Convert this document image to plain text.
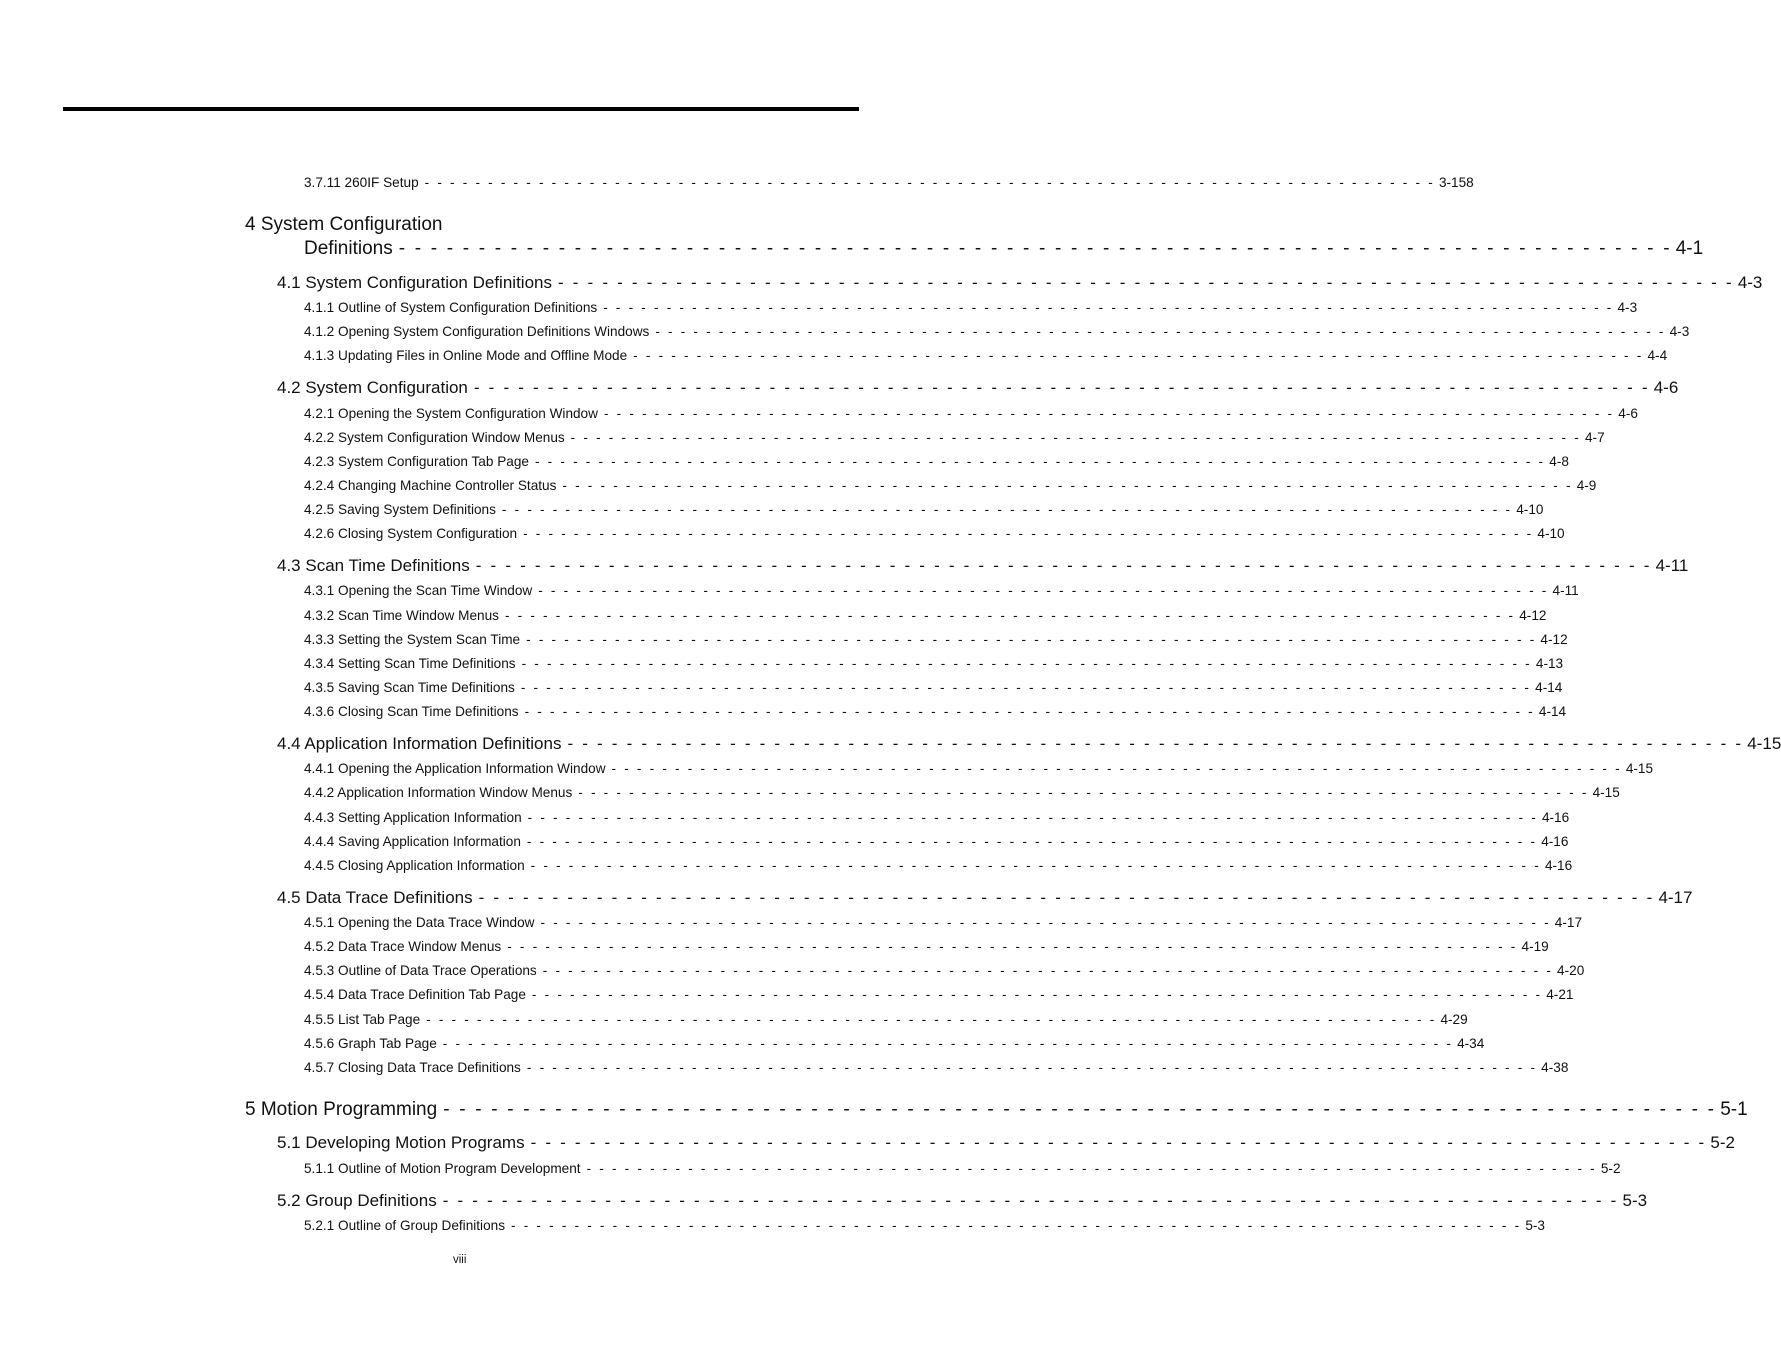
3.7.11 260IF Setup - - - - - - - - - - - - - - - - - - - - - - - - - - - - - - - - - - - - - - - - - - - - - - - - - - - - - - - - - - - - - - - - - - - - - - - - - - - - - - - - 3-158
4 System Configuration
Definitions - - - - - - - - - - - - - - - - - - - - - - - - - - - - - - - - - - - - - - - - - - - - - - - - - - - - - - - - - - - - - - - - - - - - - - - - - - - - - - - - 4-1
4.1 System Configuration Definitions - - - - - - - - - - - - - - - - - - - - - - - - - - - - - - - - - - - - - - - - - - - - - - - - - - - - - - - - - - - - - - - - - - - - - - - - - - - - - - - - 4-3
4.1.1 Outline of System Configuration Definitions - - - - - - - - - - - - - - - - - - - - - - - - - - - - - - - - - - - - - - - - - - - - - - - - - - - - - - - - - - - - - - - - - - - - - - - - - - - - - - - - 4-3
4.1.2 Opening System Configuration Definitions Windows - - - - - - - - - - - - - - - - - - - - - - - - - - - - - - - - - - - - - - - - - - - - - - - - - - - - - - - - - - - - - - - - - - - - - - - - - - - - - - - - 4-3
4.1.3 Updating Files in Online Mode and Offline Mode - - - - - - - - - - - - - - - - - - - - - - - - - - - - - - - - - - - - - - - - - - - - - - - - - - - - - - - - - - - - - - - - - - - - - - - - - - - - - - - - 4-4
4.2 System Configuration - - - - - - - - - - - - - - - - - - - - - - - - - - - - - - - - - - - - - - - - - - - - - - - - - - - - - - - - - - - - - - - - - - - - - - - - - - - - - - - - 4-6
4.2.1 Opening the System Configuration Window - - - - - - - - - - - - - - - - - - - - - - - - - - - - - - - - - - - - - - - - - - - - - - - - - - - - - - - - - - - - - - - - - - - - - - - - - - - - - - - - 4-6
4.2.2 System Configuration Window Menus - - - - - - - - - - - - - - - - - - - - - - - - - - - - - - - - - - - - - - - - - - - - - - - - - - - - - - - - - - - - - - - - - - - - - - - - - - - - - - - - 4-7
4.2.3 System Configuration Tab Page - - - - - - - - - - - - - - - - - - - - - - - - - - - - - - - - - - - - - - - - - - - - - - - - - - - - - - - - - - - - - - - - - - - - - - - - - - - - - - - - 4-8
4.2.4 Changing Machine Controller Status - - - - - - - - - - - - - - - - - - - - - - - - - - - - - - - - - - - - - - - - - - - - - - - - - - - - - - - - - - - - - - - - - - - - - - - - - - - - - - - - 4-9
4.2.5 Saving System Definitions - - - - - - - - - - - - - - - - - - - - - - - - - - - - - - - - - - - - - - - - - - - - - - - - - - - - - - - - - - - - - - - - - - - - - - - - - - - - - - - - 4-10
4.2.6 Closing System Configuration - - - - - - - - - - - - - - - - - - - - - - - - - - - - - - - - - - - - - - - - - - - - - - - - - - - - - - - - - - - - - - - - - - - - - - - - - - - - - - - - 4-10
4.3 Scan Time Definitions - - - - - - - - - - - - - - - - - - - - - - - - - - - - - - - - - - - - - - - - - - - - - - - - - - - - - - - - - - - - - - - - - - - - - - - - - - - - - - - - 4-11
4.3.1 Opening the Scan Time Window - - - - - - - - - - - - - - - - - - - - - - - - - - - - - - - - - - - - - - - - - - - - - - - - - - - - - - - - - - - - - - - - - - - - - - - - - - - - - - - - 4-11
4.3.2 Scan Time Window Menus - - - - - - - - - - - - - - - - - - - - - - - - - - - - - - - - - - - - - - - - - - - - - - - - - - - - - - - - - - - - - - - - - - - - - - - - - - - - - - - - 4-12
4.3.3 Setting the System Scan Time - - - - - - - - - - - - - - - - - - - - - - - - - - - - - - - - - - - - - - - - - - - - - - - - - - - - - - - - - - - - - - - - - - - - - - - - - - - - - - - - 4-12
4.3.4 Setting Scan Time Definitions - - - - - - - - - - - - - - - - - - - - - - - - - - - - - - - - - - - - - - - - - - - - - - - - - - - - - - - - - - - - - - - - - - - - - - - - - - - - - - - - 4-13
4.3.5 Saving Scan Time Definitions - - - - - - - - - - - - - - - - - - - - - - - - - - - - - - - - - - - - - - - - - - - - - - - - - - - - - - - - - - - - - - - - - - - - - - - - - - - - - - - - 4-14
4.3.6 Closing Scan Time Definitions - - - - - - - - - - - - - - - - - - - - - - - - - - - - - - - - - - - - - - - - - - - - - - - - - - - - - - - - - - - - - - - - - - - - - - - - - - - - - - - - 4-14
4.4 Application Information Definitions - - - - - - - - - - - - - - - - - - - - - - - - - - - - - - - - - - - - - - - - - - - - - - - - - - - - - - - - - - - - - - - - - - - - - - - - - - - - - - - - 4-15
4.4.1 Opening the Application Information Window - - - - - - - - - - - - - - - - - - - - - - - - - - - - - - - - - - - - - - - - - - - - - - - - - - - - - - - - - - - - - - - - - - - - - - - - - - - - - - - - 4-15
4.4.2 Application Information Window Menus - - - - - - - - - - - - - - - - - - - - - - - - - - - - - - - - - - - - - - - - - - - - - - - - - - - - - - - - - - - - - - - - - - - - - - - - - - - - - - - - 4-15
4.4.3 Setting Application Information - - - - - - - - - - - - - - - - - - - - - - - - - - - - - - - - - - - - - - - - - - - - - - - - - - - - - - - - - - - - - - - - - - - - - - - - - - - - - - - - 4-16
4.4.4 Saving Application Information - - - - - - - - - - - - - - - - - - - - - - - - - - - - - - - - - - - - - - - - - - - - - - - - - - - - - - - - - - - - - - - - - - - - - - - - - - - - - - - - 4-16
4.4.5 Closing Application Information - - - - - - - - - - - - - - - - - - - - - - - - - - - - - - - - - - - - - - - - - - - - - - - - - - - - - - - - - - - - - - - - - - - - - - - - - - - - - - - - 4-16
4.5 Data Trace Definitions - - - - - - - - - - - - - - - - - - - - - - - - - - - - - - - - - - - - - - - - - - - - - - - - - - - - - - - - - - - - - - - - - - - - - - - - - - - - - - - - 4-17
4.5.1 Opening the Data Trace Window - - - - - - - - - - - - - - - - - - - - - - - - - - - - - - - - - - - - - - - - - - - - - - - - - - - - - - - - - - - - - - - - - - - - - - - - - - - - - - - - 4-17
4.5.2 Data Trace Window Menus - - - - - - - - - - - - - - - - - - - - - - - - - - - - - - - - - - - - - - - - - - - - - - - - - - - - - - - - - - - - - - - - - - - - - - - - - - - - - - - - 4-19
4.5.3 Outline of Data Trace Operations - - - - - - - - - - - - - - - - - - - - - - - - - - - - - - - - - - - - - - - - - - - - - - - - - - - - - - - - - - - - - - - - - - - - - - - - - - - - - - - - 4-20
4.5.4 Data Trace Definition Tab Page - - - - - - - - - - - - - - - - - - - - - - - - - - - - - - - - - - - - - - - - - - - - - - - - - - - - - - - - - - - - - - - - - - - - - - - - - - - - - - - - 4-21
4.5.5 List Tab Page - - - - - - - - - - - - - - - - - - - - - - - - - - - - - - - - - - - - - - - - - - - - - - - - - - - - - - - - - - - - - - - - - - - - - - - - - - - - - - - - 4-29
4.5.6 Graph Tab Page - - - - - - - - - - - - - - - - - - - - - - - - - - - - - - - - - - - - - - - - - - - - - - - - - - - - - - - - - - - - - - - - - - - - - - - - - - - - - - - - 4-34
4.5.7 Closing Data Trace Definitions - - - - - - - - - - - - - - - - - - - - - - - - - - - - - - - - - - - - - - - - - - - - - - - - - - - - - - - - - - - - - - - - - - - - - - - - - - - - - - - - 4-38
5 Motion Programming - - - - - - - - - - - - - - - - - - - - - - - - - - - - - - - - - - - - - - - - - - - - - - - - - - - - - - - - - - - - - - - - - - - - - - - - - - - - - - - - 5-1
5.1 Developing Motion Programs - - - - - - - - - - - - - - - - - - - - - - - - - - - - - - - - - - - - - - - - - - - - - - - - - - - - - - - - - - - - - - - - - - - - - - - - - - - - - - - - 5-2
5.1.1 Outline of Motion Program Development - - - - - - - - - - - - - - - - - - - - - - - - - - - - - - - - - - - - - - - - - - - - - - - - - - - - - - - - - - - - - - - - - - - - - - - - - - - - - - - - 5-2
5.2 Group Definitions - - - - - - - - - - - - - - - - - - - - - - - - - - - - - - - - - - - - - - - - - - - - - - - - - - - - - - - - - - - - - - - - - - - - - - - - - - - - - - - - 5-3
5.2.1 Outline of Group Definitions - - - - - - - - - - - - - - - - - - - - - - - - - - - - - - - - - - - - - - - - - - - - - - - - - - - - - - - - - - - - - - - - - - - - - - - - - - - - - - - - 5-3
viii
